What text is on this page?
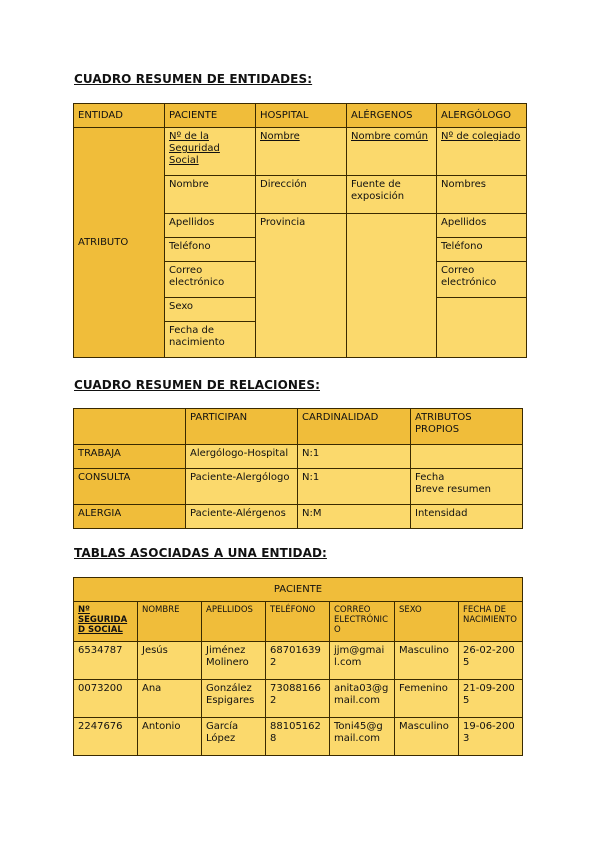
CUADRO RESUMEN DE ENTIDADES:
ENTIDAD	PACIENTE	HOSPITAL	ALÉRGENOS	ALERGÓLOGO
ATRIBUTO	Nº de la Seguridad Social	Nombre	Nombre común	Nº de colegiado
	Nombre	Dirección	Fuente de exposición	Nombres
	Apellidos	Provincia		Apellidos
	Teléfono			Teléfono
	Correo electrónico			Correo electrónico
	Sexo			
	Fecha de nacimiento			
CUADRO RESUMEN DE RELACIONES:
	PARTICIPAN	CARDINALIDAD	ATRIBUTOS PROPIOS
TRABAJA	Alergólogo-Hospital	N:1	
CONSULTA	Paciente-Alergólogo	N:1	Fecha
Breve resumen

ALERGIA	Paciente-Alérgenos	N:M	Intensidad
TABLAS ASOCIADAS A UNA ENTIDAD:
PACIENTE						
Nº SEGURIDAD SOCIAL	NOMBRE	APELLIDOS	TELÉFONO	CORREO ELECTRÓNICO	SEXO	FECHA DE NACIMIENTO
6534787	Jesús	Jiménez Molinero	687016392	jjm@gmail.com	Masculino	26-02-2005
0073200	Ana	González Espigares	730881662	anita03@gmail.com	Femenino	21-09-2005
2247676	Antonio	García López	881051628	Toni45@gmail.com	Masculino	19-06-2003
